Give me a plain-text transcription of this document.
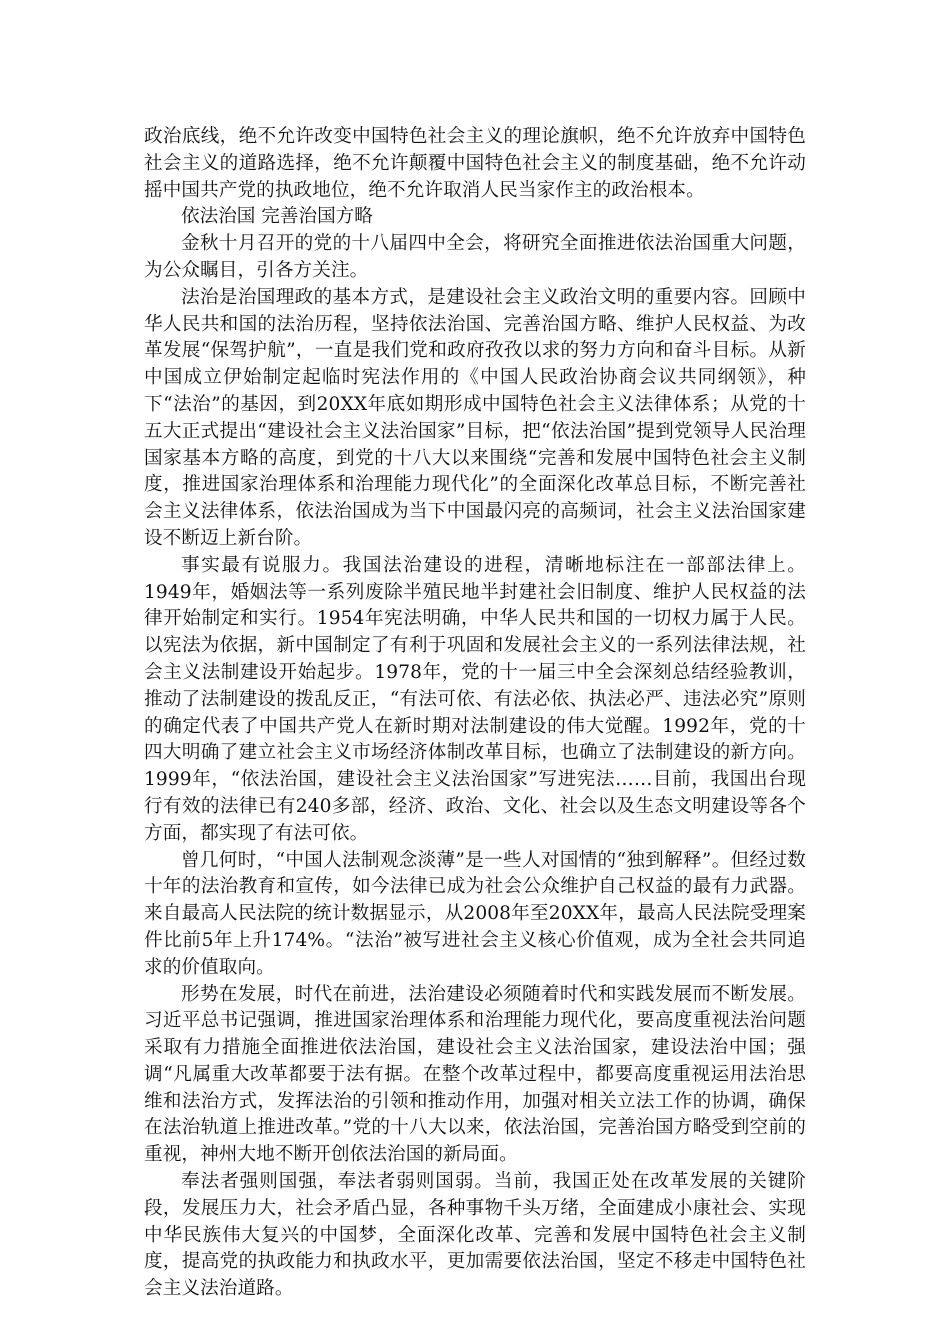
政治底线，绝不允许改变中国特色社会主义的理论旗帜，绝不允许放弃中国特色社会主义的道路选择，绝不允许颠覆中国特色社会主义的制度基础，绝不允许动摇中国共产党的执政地位，绝不允许取消人民当家作主的政治根本。

依法治国 完善治国方略

金秋十月召开的党的十八届四中全会，将研究全面推进依法治国重大问题，为公众瞩目，引各方关注。

法治是治国理政的基本方式，是建设社会主义政治文明的重要内容。回顾中华人民共和国的法治历程，坚持依法治国、完善治国方略、维护人民权益、为改革发展“保驾护航”，一直是我们党和政府孜孜以求的努力方向和奋斗目标。从新中国成立伊始制定起临时宪法作用的《中国人民政治协商会议共同纲领》，种下“法治”的基因，到20XX年底如期形成中国特色社会主义法律体系；从党的十五大正式提出“建设社会主义法治国家”目标，把“依法治国”提到党领导人民治理国家基本方略的高度，到党的十八大以来围绕“完善和发展中国特色社会主义制度，推进国家治理体系和治理能力现代化”的全面深化改革总目标，不断完善社会主义法律体系，依法治国成为当下中国最闪亮的高频词，社会主义法治国家建设不断迈上新台阶。

事实最有说服力。我国法治建设的进程，清晰地标注在一部部法律上。1949年，婚姻法等一系列废除半殖民地半封建社会旧制度、维护人民权益的法律开始制定和实行。1954年宪法明确，中华人民共和国的一切权力属于人民。以宪法为依据，新中国制定了有利于巩固和发展社会主义的一系列法律法规，社会主义法制建设开始起步。1978年，党的十一届三中全会深刻总结经验教训，推动了法制建设的拨乱反正，“有法可依、有法必依、执法必严、违法必究”原则的确定代表了中国共产党人在新时期对法制建设的伟大觉醒。1992年，党的十四大明确了建立社会主义市场经济体制改革目标，也确立了法制建设的新方向。1999年，“依法治国，建设社会主义法治国家”写进宪法……目前，我国出台现行有效的法律已有240多部，经济、政治、文化、社会以及生态文明建设等各个方面，都实现了有法可依。

曾几何时，“中国人法制观念淡薄”是一些人对国情的“独到解释”。但经过数十年的法治教育和宣传，如今法律已成为社会公众维护自己权益的最有力武器。来自最高人民法院的统计数据显示，从2008年至20XX年，最高人民法院受理案件比前5年上升174%。“法治”被写进社会主义核心价值观，成为全社会共同追求的价值取向。

形势在发展，时代在前进，法治建设必须随着时代和实践发展而不断发展。习近平总书记强调，推进国家治理体系和治理能力现代化，要高度重视法治问题采取有力措施全面推进依法治国，建设社会主义法治国家，建设法治中国；强调“凡属重大改革都要于法有据。在整个改革过程中，都要高度重视运用法治思维和法治方式，发挥法治的引领和推动作用，加强对相关立法工作的协调，确保在法治轨道上推进改革。”党的十八大以来，依法治国，完善治国方略受到空前的重视，神州大地不断开创依法治国的新局面。

奉法者强则国强，奉法者弱则国弱。当前，我国正处在改革发展的关键阶段，发展压力大，社会矛盾凸显，各种事物千头万绪，全面建成小康社会、实现中华民族伟大复兴的中国梦，全面深化改革、完善和发展中国特色社会主义制度，提高党的执政能力和执政水平，更加需要依法治国，坚定不移走中国特色社会主义法治道路。
